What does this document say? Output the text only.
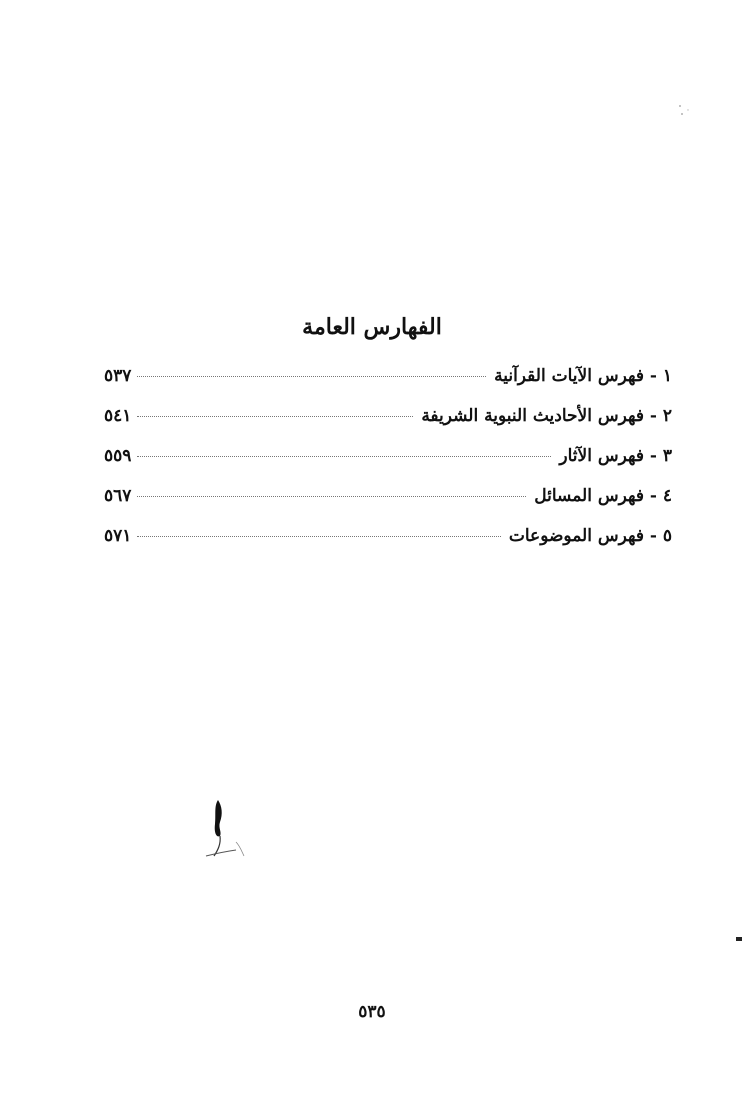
الفهارس العامة
١ -

فهرس الآيات القرآنية
٥٣٧
٢ -

فهرس الأحاديث النبوية الشريفة
٥٤١
٣ -

فهرس الآثار
٥٥٩
٤ -

فهرس المسائل
٥٦٧
٥ -

فهرس الموضوعات
٥٧١
٥٣٥
